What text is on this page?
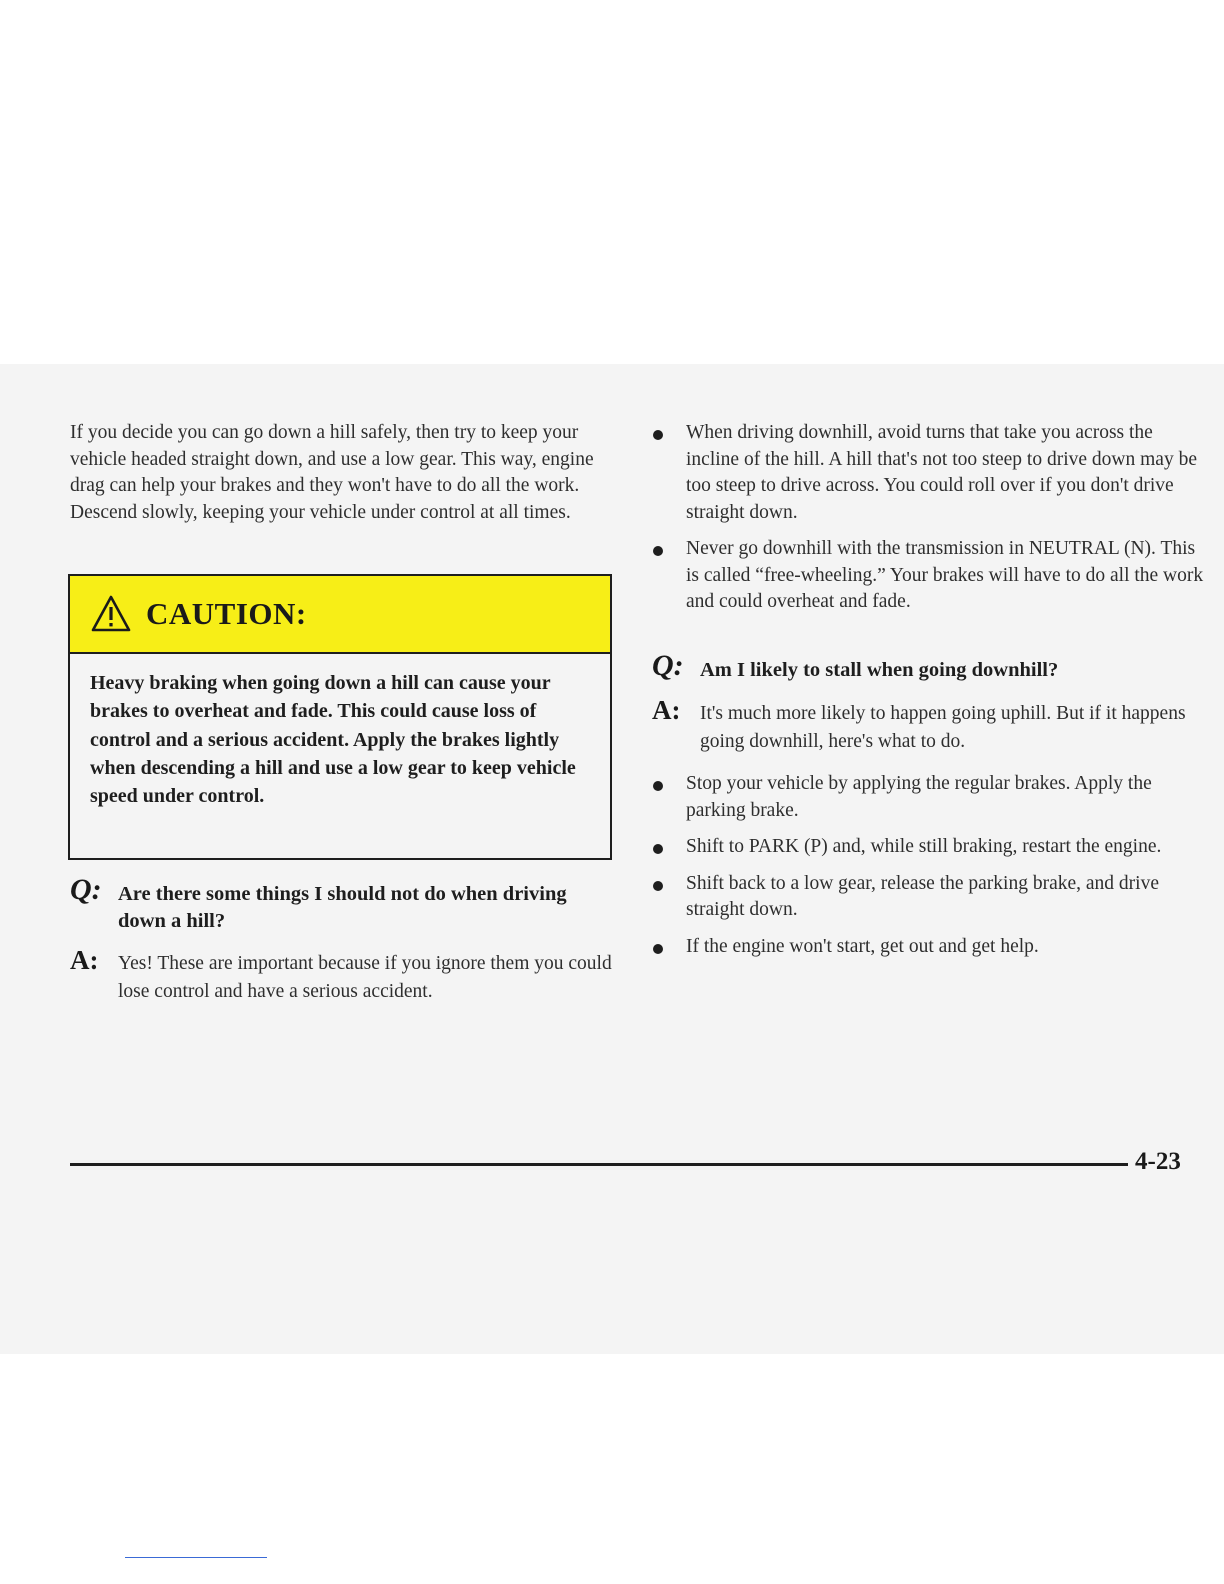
If you decide you can go down a hill safely, then try to keep your vehicle headed straight down, and use a low gear. This way, engine drag can help your brakes and they won't have to do all the work. Descend slowly, keeping your vehicle under control at all times.

CAUTION:
Heavy braking when going down a hill can cause your brakes to overheat and fade. This could cause loss of control and a serious accident. Apply the brakes lightly when descending a hill and use a low gear to keep vehicle speed under control.
Q: Are there some things I should not do when driving down a hill?

A: Yes! These are important because if you ignore them you could lose control and have a serious accident.

When driving downhill, avoid turns that take you across the incline of the hill. A hill that's not too steep to drive down may be too steep to drive across. You could roll over if you don't drive straight down.
Never go downhill with the transmission in NEUTRAL (N). This is called “free-wheeling.” Your brakes will have to do all the work and could overheat and fade.
Q: Am I likely to stall when going downhill?

A: It's much more likely to happen going uphill. But if it happens going downhill, here's what to do.

Stop your vehicle by applying the regular brakes. Apply the parking brake.
Shift to PARK (P) and, while still braking, restart the engine.
Shift back to a low gear, release the parking brake, and drive straight down.
If the engine won't start, get out and get help.
4-23
